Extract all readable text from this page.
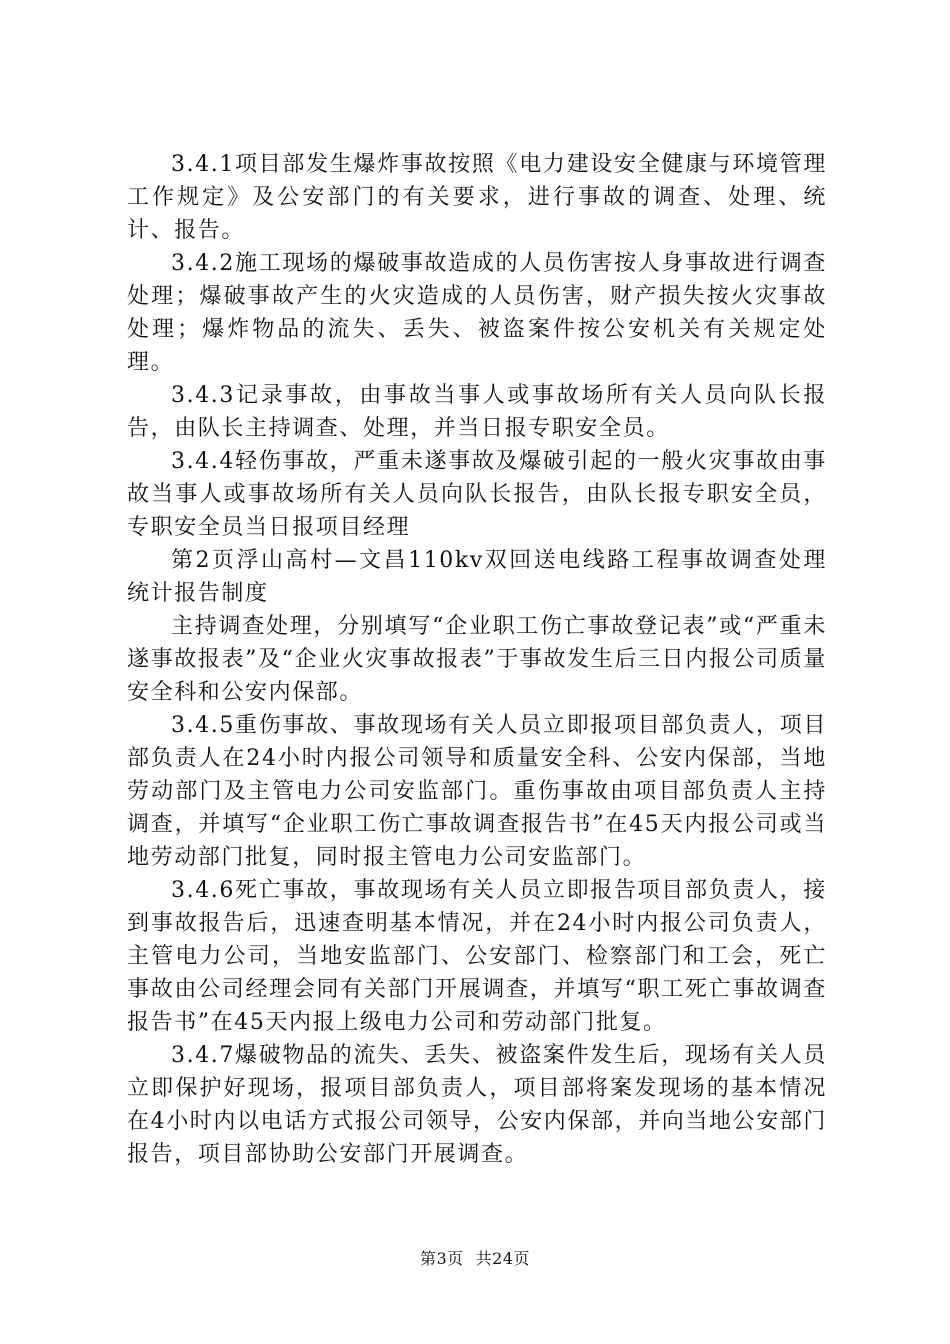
3.4.1项目部发生爆炸事故按照《电力建设安全健康与环境管理工作规定》及公安部门的有关要求，进行事故的调查、处理、统计、报告。

3.4.2施工现场的爆破事故造成的人员伤害按人身事故进行调查处理；爆破事故产生的火灾造成的人员伤害，财产损失按火灾事故处理；爆炸物品的流失、丢失、被盗案件按公安机关有关规定处理。

3.4.3记录事故，由事故当事人或事故场所有关人员向队长报告，由队长主持调查、处理，并当日报专职安全员。

3.4.4轻伤事故，严重未遂事故及爆破引起的一般火灾事故由事故当事人或事故场所有关人员向队长报告，由队长报专职安全员，专职安全员当日报项目经理

第2页浮山高村—文昌110kv双回送电线路工程事故调查处理统计报告制度

主持调查处理，分别填写“企业职工伤亡事故登记表”或“严重未遂事故报表”及“企业火灾事故报表”于事故发生后三日内报公司质量安全科和公安内保部。

3.4.5重伤事故、事故现场有关人员立即报项目部负责人，项目部负责人在24小时内报公司领导和质量安全科、公安内保部，当地劳动部门及主管电力公司安监部门。重伤事故由项目部负责人主持调查，并填写“企业职工伤亡事故调查报告书”在45天内报公司或当地劳动部门批复，同时报主管电力公司安监部门。

3.4.6死亡事故，事故现场有关人员立即报告项目部负责人，接到事故报告后，迅速查明基本情况，并在24小时内报公司负责人，主管电力公司，当地安监部门、公安部门、检察部门和工会，死亡事故由公司经理会同有关部门开展调查，并填写“职工死亡事故调查报告书”在45天内报上级电力公司和劳动部门批复。

3.4.7爆破物品的流失、丢失、被盗案件发生后，现场有关人员立即保护好现场，报项目部负责人，项目部将案发现场的基本情况在4小时内以电话方式报公司领导，公安内保部，并向当地公安部门报告，项目部协助公安部门开展调查。

第3页 共24页
